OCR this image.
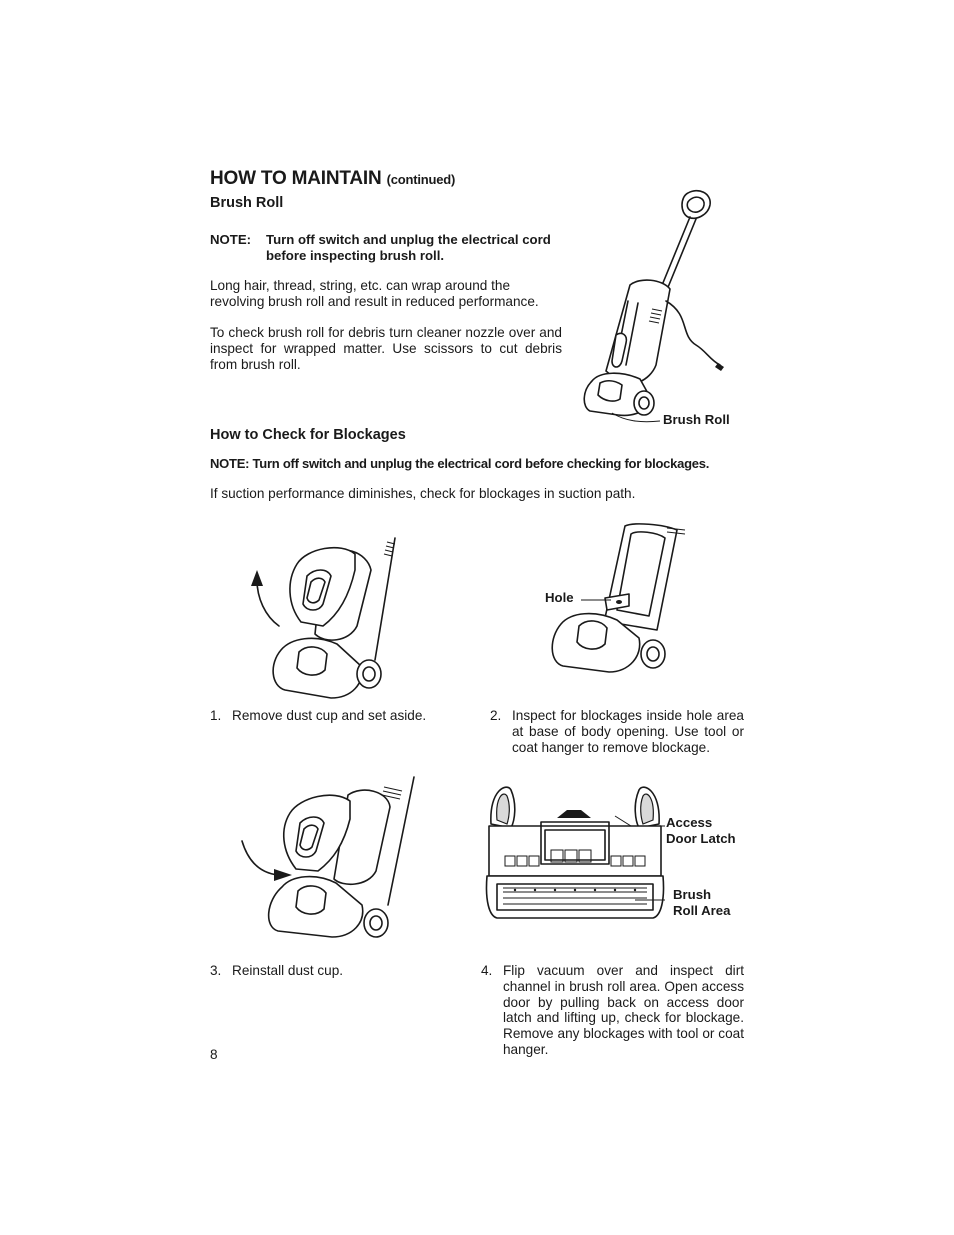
HOW TO MAINTAIN (continued)
Brush Roll
NOTE:	Turn off switch and unplug the electrical cord before inspecting brush roll.
Long hair, thread, string, etc. can wrap around the revolving brush roll and result in reduced performance.
To check brush roll for debris turn cleaner nozzle over and inspect for wrapped matter. Use scissors to cut debris from brush roll.
Brush Roll
How to Check for Blockages
NOTE: Turn off switch and unplug the electrical cord before checking for blockages.
If suction performance diminishes, check for blockages in suction path.
Hole
1. Remove dust cup and set aside.	2. Inspect for blockages inside hole area at base of body opening. Use tool or coat hanger to remove blockage.
Access
Door Latch
Brush
Roll Area
3. Reinstall dust cup.	4. Flip vacuum over and inspect dirt channel in brush roll area. Open access door by pulling back on access door latch and lifting up, check for blockage. Remove any blockages with tool or coat hanger.
8
